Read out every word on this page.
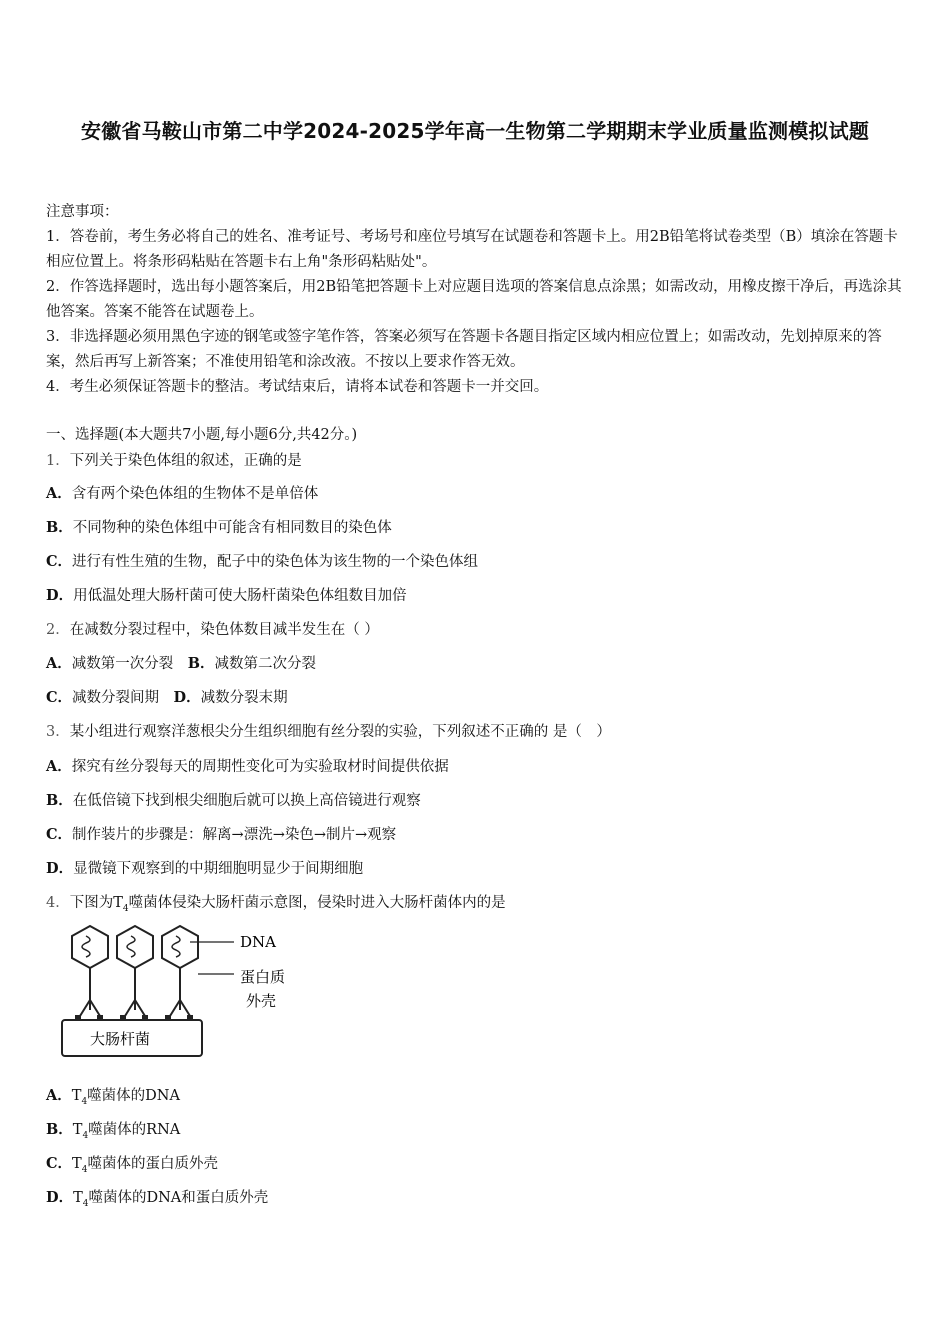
安徽省马鞍山市第二中学2024-2025学年高一生物第二学期期末学业质量监测模拟试题

注意事项：

1．答卷前，考生务必将自己的姓名、准考证号、考场号和座位号填写在试题卷和答题卡上。用2B铅笔将试卷类型（B）填涂在答题卡相应位置上。将条形码粘贴在答题卡右上角"条形码粘贴处"。

2．作答选择题时，选出每小题答案后，用2B铅笔把答题卡上对应题目选项的答案信息点涂黑；如需改动，用橡皮擦干净后，再选涂其他答案。答案不能答在试题卷上。

3．非选择题必须用黑色字迹的钢笔或签字笔作答，答案必须写在答题卡各题目指定区域内相应位置上；如需改动，先划掉原来的答案，然后再写上新答案；不准使用铅笔和涂改液。不按以上要求作答无效。

4．考生必须保证答题卡的整洁。考试结束后，请将本试卷和答题卡一并交回。

一、选择题(本大题共7小题,每小题6分,共42分。)
1．下列关于染色体组的叙述，正确的是
A．含有两个染色体组的生物体不是单倍体
B．不同物种的染色体组中可能含有相同数目的染色体
C．进行有性生殖的生物，配子中的染色体为该生物的一个染色体组
D．用低温处理大肠杆菌可使大肠杆菌染色体组数目加倍
2．在减数分裂过程中，染色体数目减半发生在（ ）
A．减数第一次分裂　 B．减数第二次分裂
C．减数分裂间期　 D．减数分裂末期
3．某小组进行观察洋葱根尖分生组织细胞有丝分裂的实验，下列叙述不正确的 是（　）
A．探究有丝分裂每天的周期性变化可为实验取材时间提供依据
B．在低倍镜下找到根尖细胞后就可以换上高倍镜进行观察
C．制作装片的步骤是：解离→漂洗→染色→制片→观察
D．显微镜下观察到的中期细胞明显少于间期细胞
4．下图为$T_4$噬菌体侵染大肠杆菌示意图，侵染时进入大肠杆菌体内的是
DNA
蛋白质
外壳
大肠杆菌
A．$T_4$噬菌体的DNA
B．$T_4$噬菌体的RNA
C．$T_4$噬菌体的蛋白质外壳
D．$T_4$噬菌体的DNA和蛋白质外壳
